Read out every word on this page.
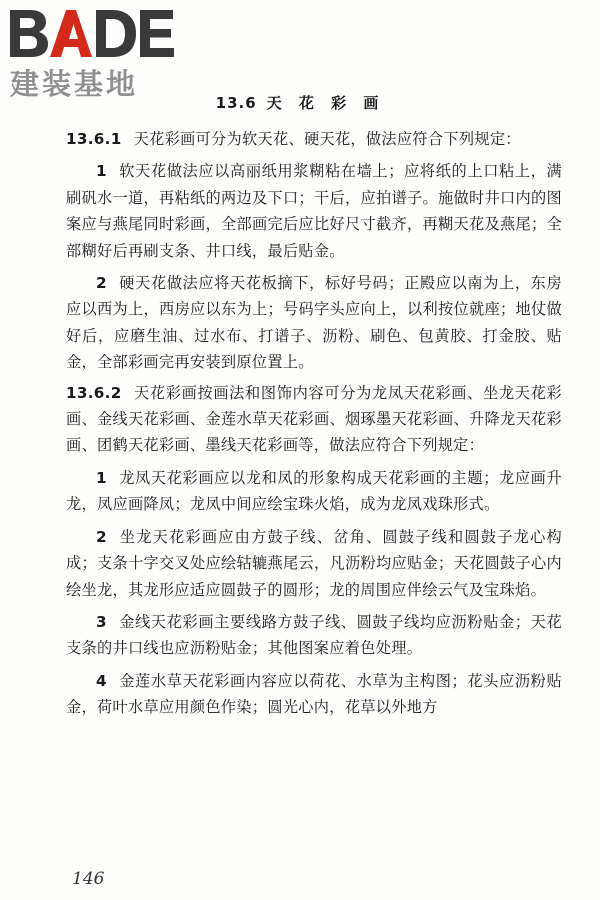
建装基地
13.6 天 花 彩 画

13.6.1 天花彩画可分为软天花、硬天花，做法应符合下列规定：

1 软天花做法应以高丽纸用浆糊粘在墙上；应将纸的上口粘上，满刷矾水一道，再粘纸的两边及下口；干后，应拍谱子。施做时井口内的图案应与燕尾同时彩画，全部画完后应比好尺寸截齐，再糊天花及燕尾；全部糊好后再刷支条、井口线，最后贴金。

2 硬天花做法应将天花板摘下，标好号码；正殿应以南为上，东房应以西为上，西房应以东为上；号码字头应向上，以利按位就座；地仗做好后，应磨生油、过水布、打谱子、沥粉、刷色、包黄胶、打金胶、贴金，全部彩画完再安装到原位置上。

13.6.2 天花彩画按画法和图饰内容可分为龙凤天花彩画、坐龙天花彩画、金线天花彩画、金莲水草天花彩画、烟琢墨天花彩画、升降龙天花彩画、团鹤天花彩画、墨线天花彩画等，做法应符合下列规定：

1 龙凤天花彩画应以龙和凤的形象构成天花彩画的主题；龙应画升龙，凤应画降凤；龙凤中间应绘宝珠火焰，成为龙凤戏珠形式。

2 坐龙天花彩画应由方鼓子线、岔角、圆鼓子线和圆鼓子龙心构成；支条十字交叉处应绘轱辘燕尾云，凡沥粉均应贴金；天花圆鼓子心内绘坐龙，其龙形应适应圆鼓子的圆形；龙的周围应伴绘云气及宝珠焰。

3 金线天花彩画主要线路方鼓子线、圆鼓子线均应沥粉贴金；天花支条的井口线也应沥粉贴金；其他图案应着色处理。

4 金莲水草天花彩画内容应以荷花、水草为主构图；花头应沥粉贴金，荷叶水草应用颜色作染；圆光心内，花草以外地方

146
